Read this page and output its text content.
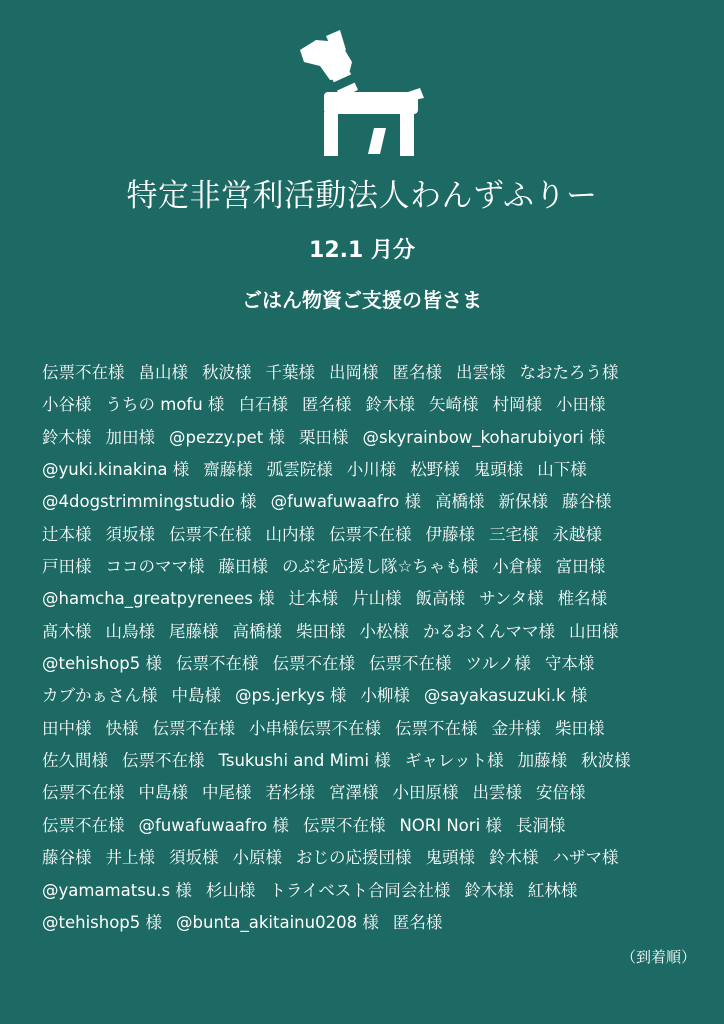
特定非営利活動法人わんずふりー
12.1 月分
ごはん物資ご支援の皆さま
伝票不在様 畠山様 秋波様 千葉様 出岡様 匿名様 出雲様 なおたろう様
小谷様 うちの mofu 様 白石様 匿名様 鈴木様 矢崎様 村岡様 小田様
鈴木様 加田様 @pezzy.pet 様 栗田様 @skyrainbow_koharubiyori 様
@yuki.kinakina 様 齋藤様 弧雲院様 小川様 松野様 鬼頭様 山下様
@4dogstrimmingstudio 様 @fuwafuwaafro 様 高橋様 新保様 藤谷様
辻本様 須坂様 伝票不在様 山内様 伝票不在様 伊藤様 三宅様 永越様
戸田様 ココのママ様 藤田様 のぶを応援し隊☆ちゃも様 小倉様 富田様
@hamcha_greatpyrenees 様 辻本様 片山様 飯高様 サンタ様 椎名様
髙木様 山鳥様 尾藤様 高橋様 柴田様 小松様 かるおくんママ様 山田様
@tehishop5 様 伝票不在様 伝票不在様 伝票不在様 ツルノ様 守本様
カブかぁさん様 中島様 @ps.jerkys 様 小柳様 @sayakasuzuki.k 様
田中様 快様 伝票不在様 小串様伝票不在様 伝票不在様 金井様 柴田様
佐久間様 伝票不在様 Tsukushi and Mimi 様 ギャレット様 加藤様 秋波様
伝票不在様 中島様 中尾様 若杉様 宮澤様 小田原様 出雲様 安倍様
伝票不在様 @fuwafuwaafro 様 伝票不在様 NORI Nori 様 長洞様
藤谷様 井上様 須坂様 小原様 おじの応援団様 鬼頭様 鈴木様 ハザマ様
@yamamatsu.s 様 杉山様 トライベスト合同会社様 鈴木様 紅林様
@tehishop5 様 @bunta_akitainu0208 様 匿名様
（到着順）
